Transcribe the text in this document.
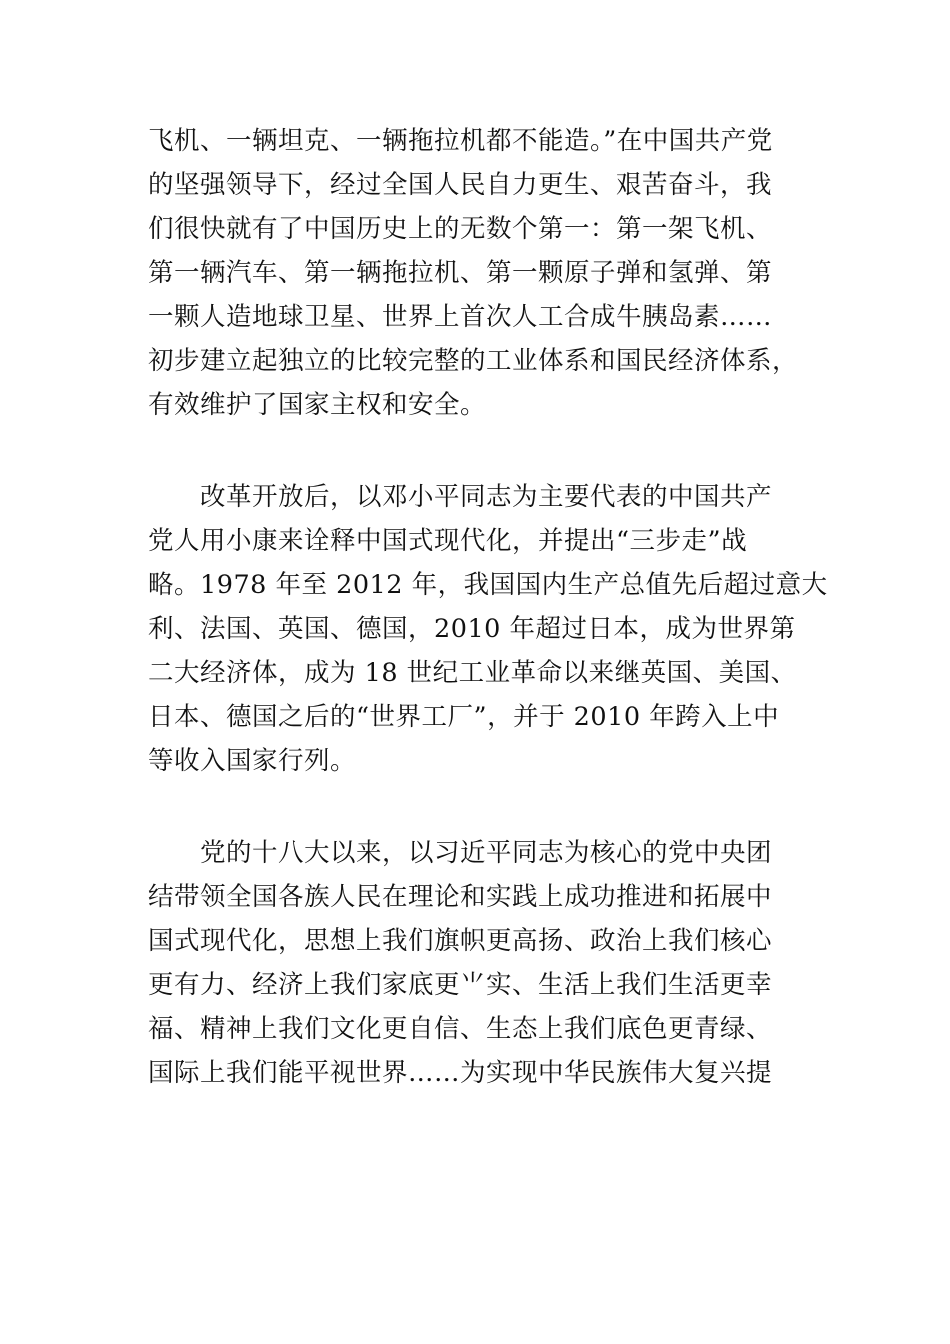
飞机、一辆坦克、一辆拖拉机都不能造。”在中国共产党
的坚强领导下，经过全国人民自力更生、艰苦奋斗，我
们很快就有了中国历史上的无数个第一：第一架飞机、
第一辆汽车、第一辆拖拉机、第一颗原子弹和氢弹、第
一颗人造地球卫星、世界上首次人工合成牛胰岛素……
初步建立起独立的比较完整的工业体系和国民经济体系，
有效维护了国家主权和安全。
改革开放后，以邓小平同志为主要代表的中国共产
党人用小康来诠释中国式现代化，并提出“三步走”战
略。1978 年至 2012 年，我国国内生产总值先后超过意大
利、法国、英国、德国，2010 年超过日本，成为世界第
二大经济体，成为 18 世纪工业革命以来继英国、美国、
日本、德国之后的“世界工厂”，并于 2010 年跨入上中
等收入国家行列。
党的十八大以来，以习近平同志为核心的党中央团
结带领全国各族人民在理论和实践上成功推进和拓展中
国式现代化，思想上我们旗帜更高扬、政治上我们核心
更有力、经济上我们家底更⺌实、生活上我们生活更幸
福、精神上我们文化更自信、生态上我们底色更青绿、
国际上我们能平视世界……为实现中华民族伟大复兴提
